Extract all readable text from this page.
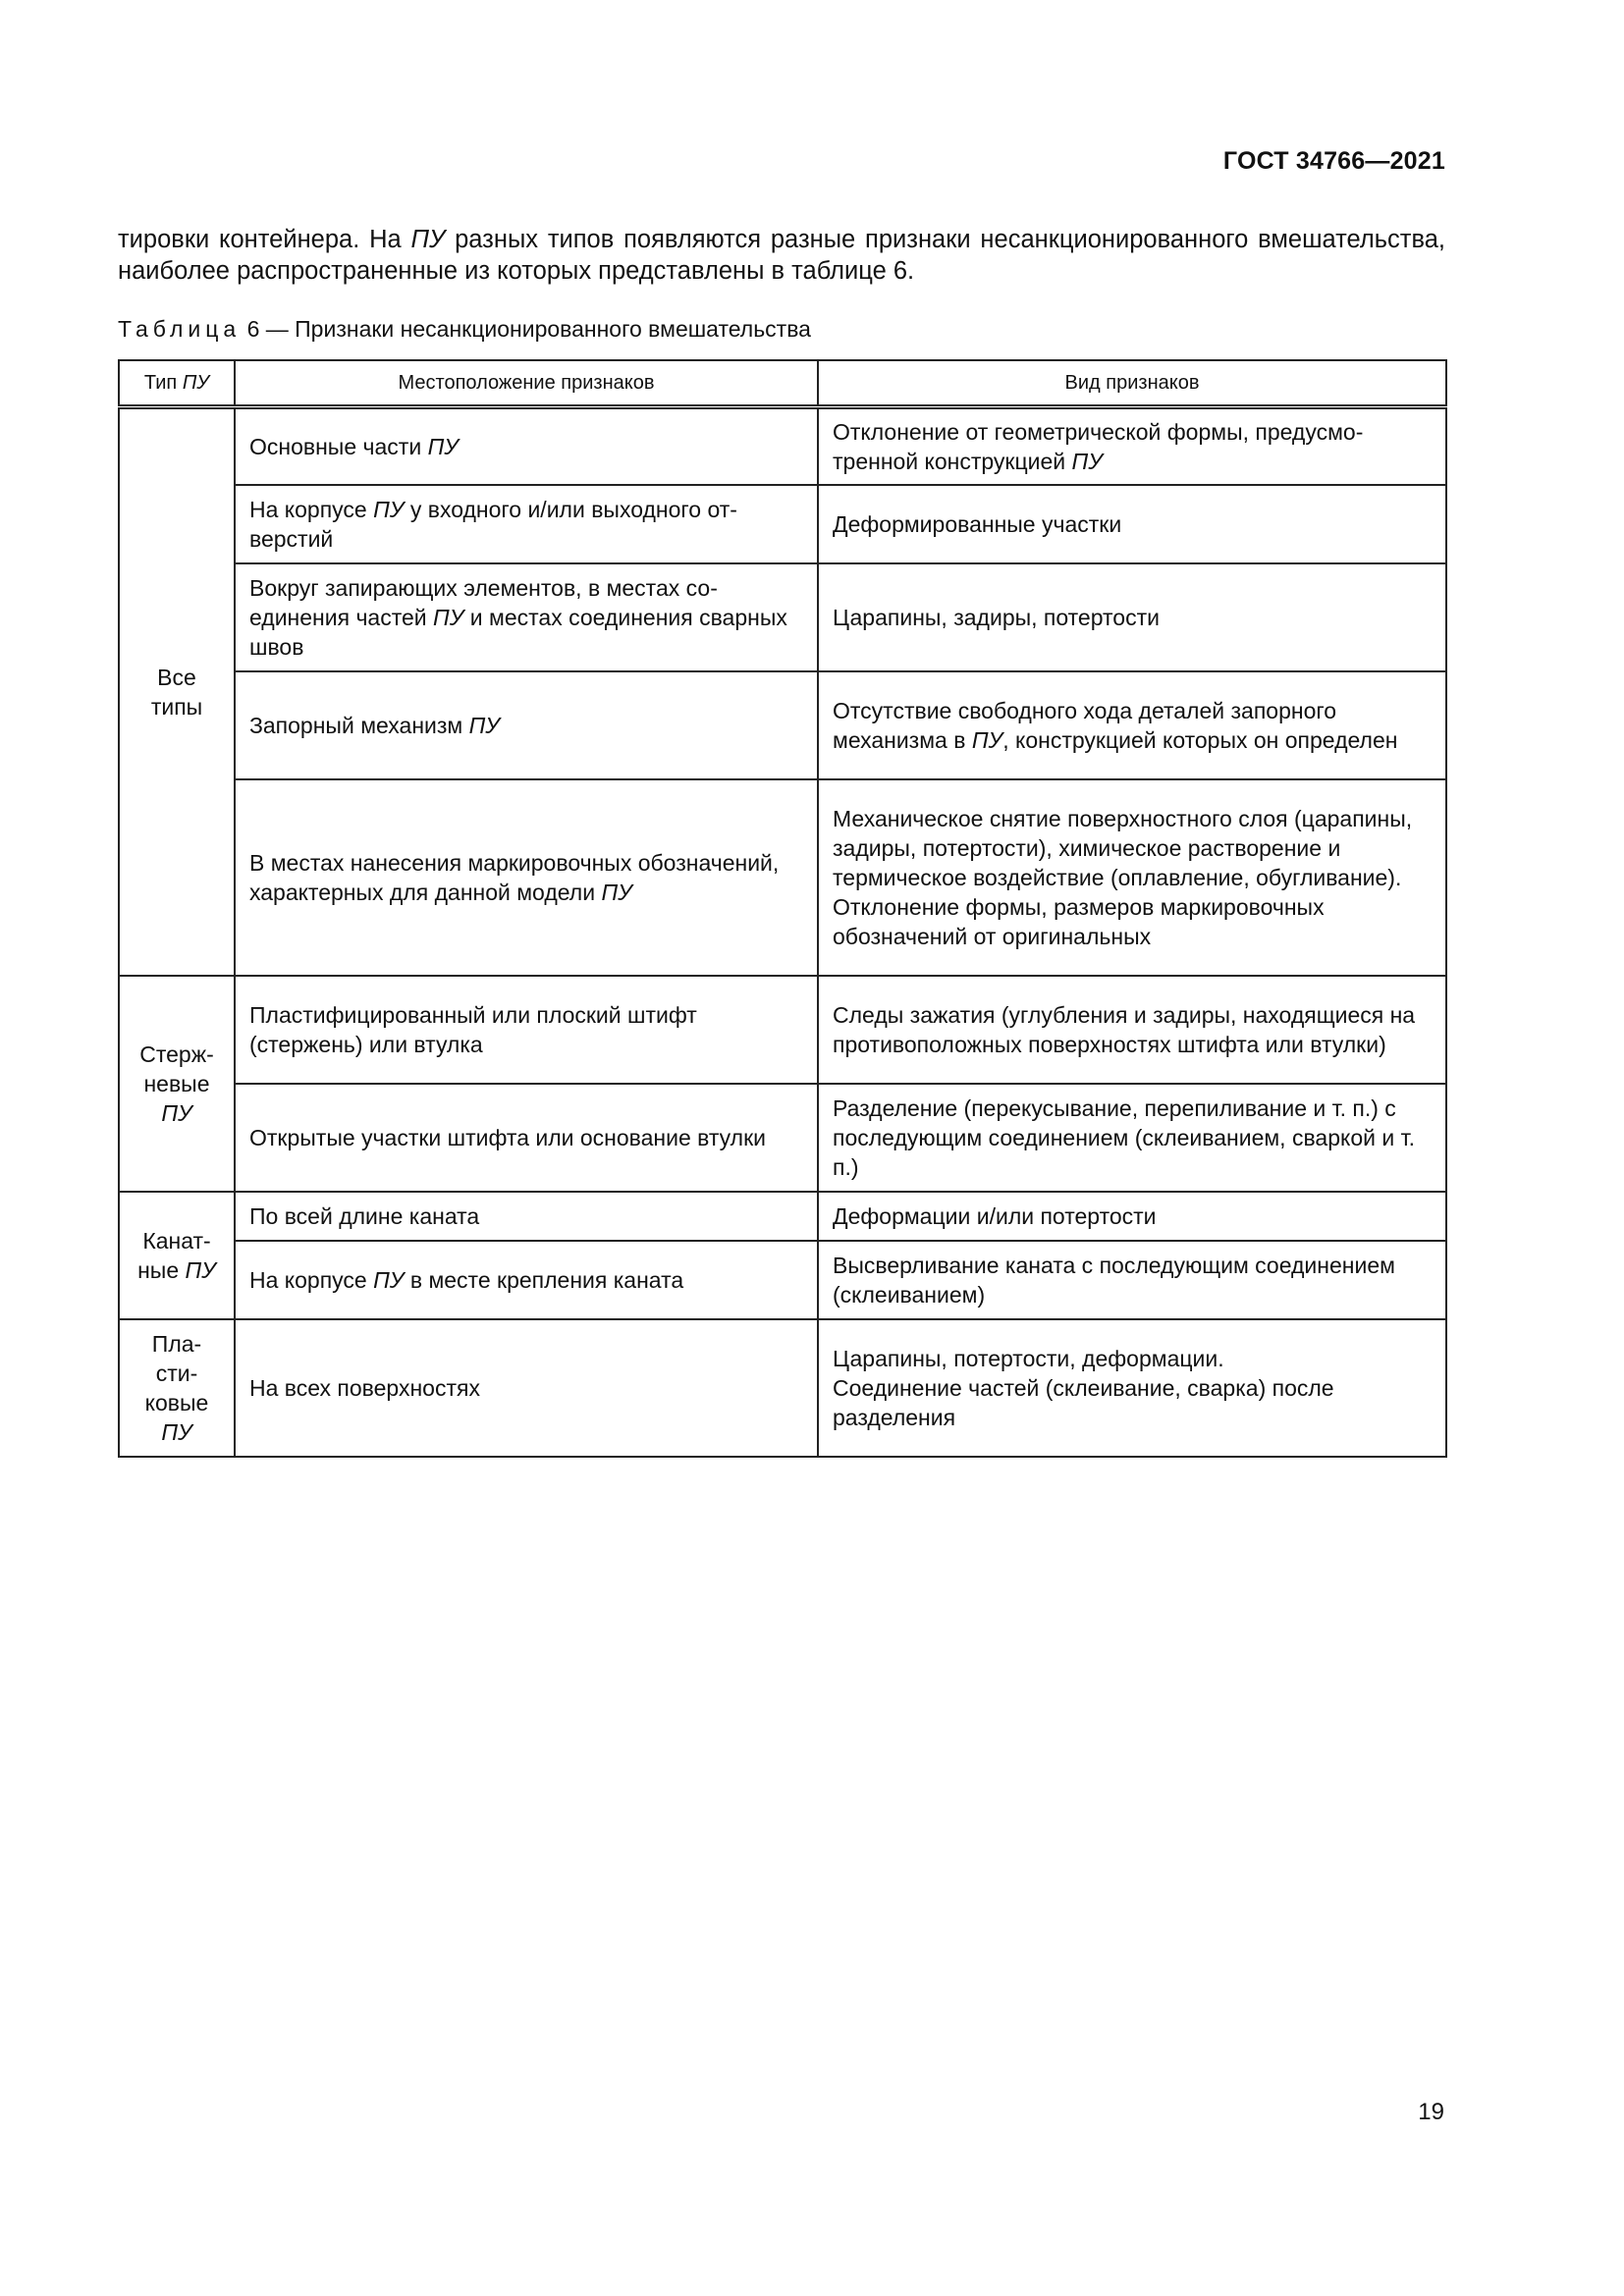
ГОСТ 34766—2021

тировки контейнера. На ПУ разных типов появляются разные признаки несанкционированного вмешательства, наиболее распространенные из которых представлены в таблице 6.

Таблица 6 — Признаки несанкционированного вмешательства

Тип ПУ	Местоположение признаков	Вид признаков
Все
типы	Основные части ПУ	Отклонение от геометрической формы, предусмотренной конструкцией ПУ
	На корпусе ПУ у входного и/или выходного отверстий	Деформированные участки
	Вокруг запирающих элементов, в местах соединения частей ПУ и местах соединения сварных швов	Царапины, задиры, потертости
	Запорный механизм ПУ	Отсутствие свободного хода деталей запорного механизма в ПУ, конструкцией которых он определен
	В местах нанесения маркировочных обозначений, характерных для данной модели ПУ	Механическое снятие поверхностного слоя (царапины, задиры, потертости), химическое растворение и термическое воздействие (оплавление, обугливание).
Отклонение формы, размеров маркировочных обозначений от оригинальных
Стерж-
невые
ПУ	Пластифицированный или плоский штифт (стержень) или втулка	Следы зажатия (углубления и задиры, находящиеся на противоположных поверхностях штифта или втулки)
	Открытые участки штифта или основание втулки	Разделение (перекусывание, перепиливание и т. п.) с последующим соединением (склеиванием, сваркой и т. п.)
Канат-
ные ПУ	По всей длине каната	Деформации и/или потертости
	На корпусе ПУ в месте крепления каната	Высверливание каната с последующим соединением (склеиванием)
Пла-
сти-
ковые
ПУ	На всех поверхностях	Царапины, потертости, деформации.
Соединение частей (склеивание, сварка) после разделения
19
